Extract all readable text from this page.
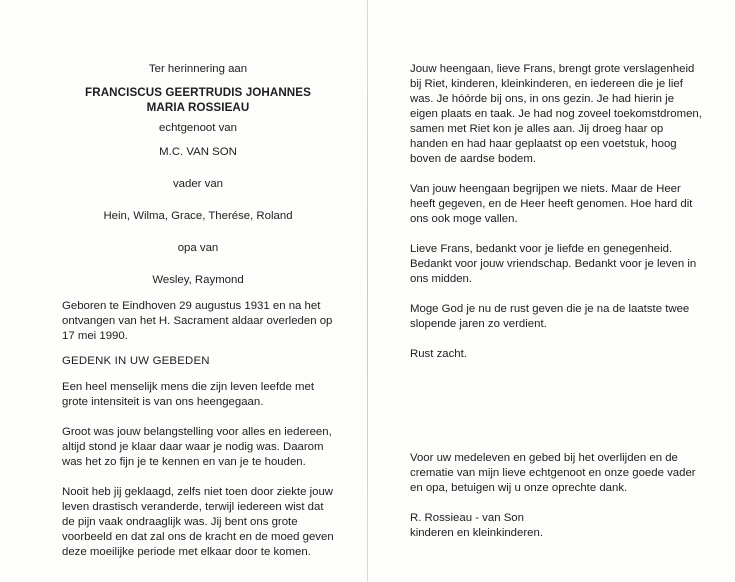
Ter herinnering aan
FRANCISCUS GEERTRUDIS JOHANNES
MARIA ROSSIEAU
echtgenoot van
M.C. VAN SON
vader van
Hein, Wilma, Grace, Therése, Roland
opa van
Wesley, Raymond

Geboren te Eindhoven 29 augustus 1931 en na het ontvangen van het H. Sacrament aldaar overleden op 17 mei 1990.

GEDENK IN UW GEBEDEN

Een heel menselijk mens die zijn leven leefde met grote intensiteit is van ons heengegaan.

Groot was jouw belangstelling voor alles en iedereen, altijd stond je klaar daar waar je nodig was. Daarom was het zo fijn je te kennen en van je te houden.

Nooit heb jij geklaagd, zelfs niet toen door ziekte jouw leven drastisch veranderde, terwijl iedereen wist dat de pijn vaak ondraaglijk was. Jij bent ons grote voorbeeld en dat zal ons de kracht en de moed geven deze moeilijke periode met elkaar door te komen.

Jouw heengaan, lieve Frans, brengt grote verslagenheid bij Riet, kinderen, kleinkinderen, en iedereen die je lief was. Je hóórde bij ons, in ons gezin. Je had hierin je eigen plaats en taak. Je had nog zoveel toekomstdromen, samen met Riet kon je alles aan. Jij droeg haar op handen en had haar geplaatst op een voetstuk, hoog boven de aardse bodem.

Van jouw heengaan begrijpen we niets. Maar de Heer heeft gegeven, en de Heer heeft genomen. Hoe hard dit ons ook moge vallen.

Lieve Frans, bedankt voor je liefde en genegenheid. Bedankt voor jouw vriendschap. Bedankt voor je leven in ons midden.

Moge God je nu de rust geven die je na de laatste twee slopende jaren zo verdient.

Rust zacht.

Voor uw medeleven en gebed bij het overlijden en de crematie van mijn lieve echtgenoot en onze goede vader en opa, betuigen wij u onze oprechte dank.

R. Rossieau - van Son
kinderen en kleinkinderen.
